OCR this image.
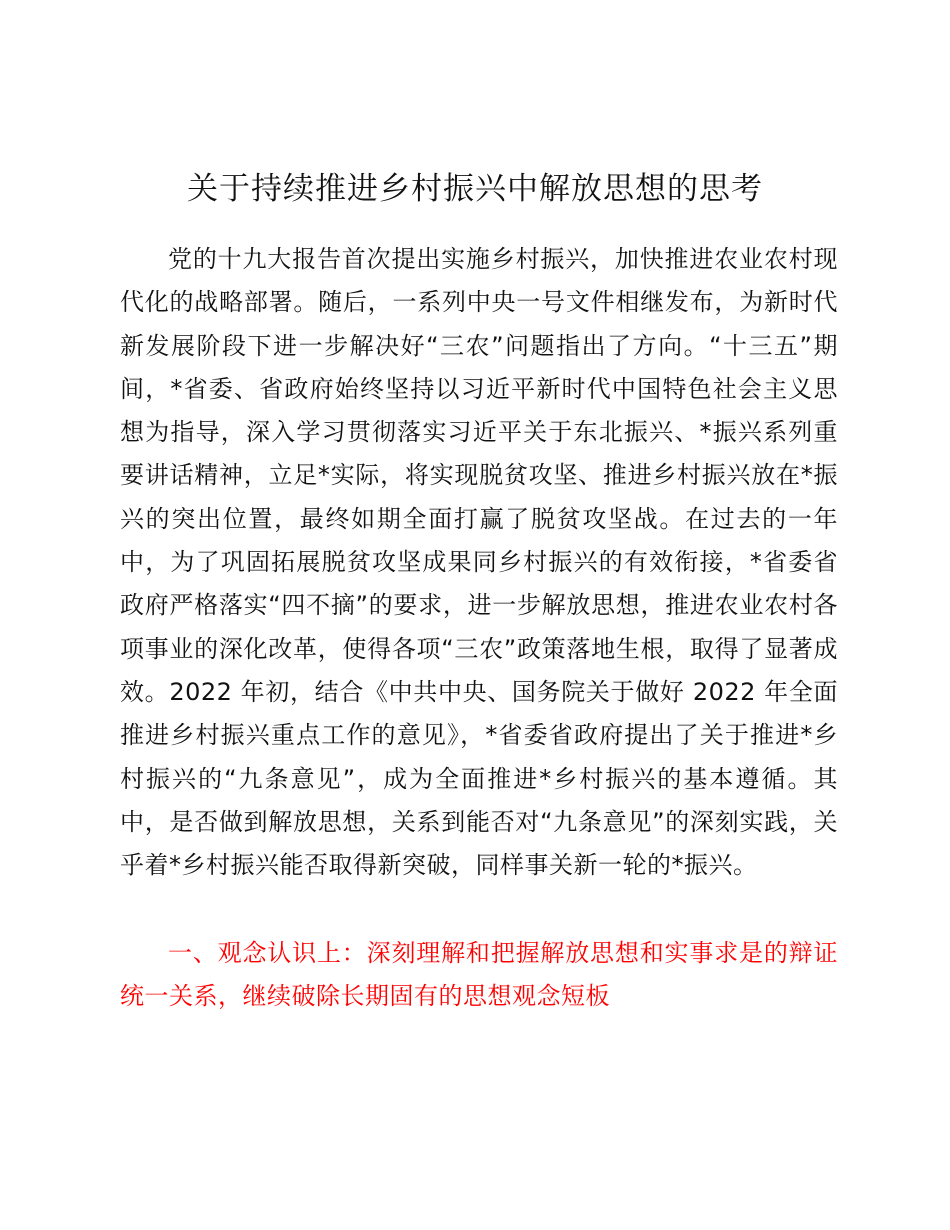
关于持续推进乡村振兴中解放思想的思考

党的十九大报告首次提出实施乡村振兴，加快推进农业农村现代化的战略部署。随后，一系列中央一号文件相继发布，为新时代新发展阶段下进一步解决好“三农”问题指出了方向。“十三五”期间，*省委、省政府始终坚持以习近平新时代中国特色社会主义思想为指导，深入学习贯彻落实习近平关于东北振兴、*振兴系列重要讲话精神，立足*实际，将实现脱贫攻坚、推进乡村振兴放在*振兴的突出位置，最终如期全面打赢了脱贫攻坚战。在过去的一年中，为了巩固拓展脱贫攻坚成果同乡村振兴的有效衔接，*省委省政府严格落实“四不摘”的要求，进一步解放思想，推进农业农村各项事业的深化改革，使得各项“三农”政策落地生根，取得了显著成效。2022 年初，结合《中共中央、国务院关于做好 2022 年全面推进乡村振兴重点工作的意见》，*省委省政府提出了关于推进*乡村振兴的“九条意见”，成为全面推进*乡村振兴的基本遵循。其中，是否做到解放思想，关系到能否对“九条意见”的深刻实践，关乎着*乡村振兴能否取得新突破，同样事关新一轮的*振兴。

一、观念认识上：深刻理解和把握解放思想和实事求是的辩证统一关系，继续破除长期固有的思想观念短板
